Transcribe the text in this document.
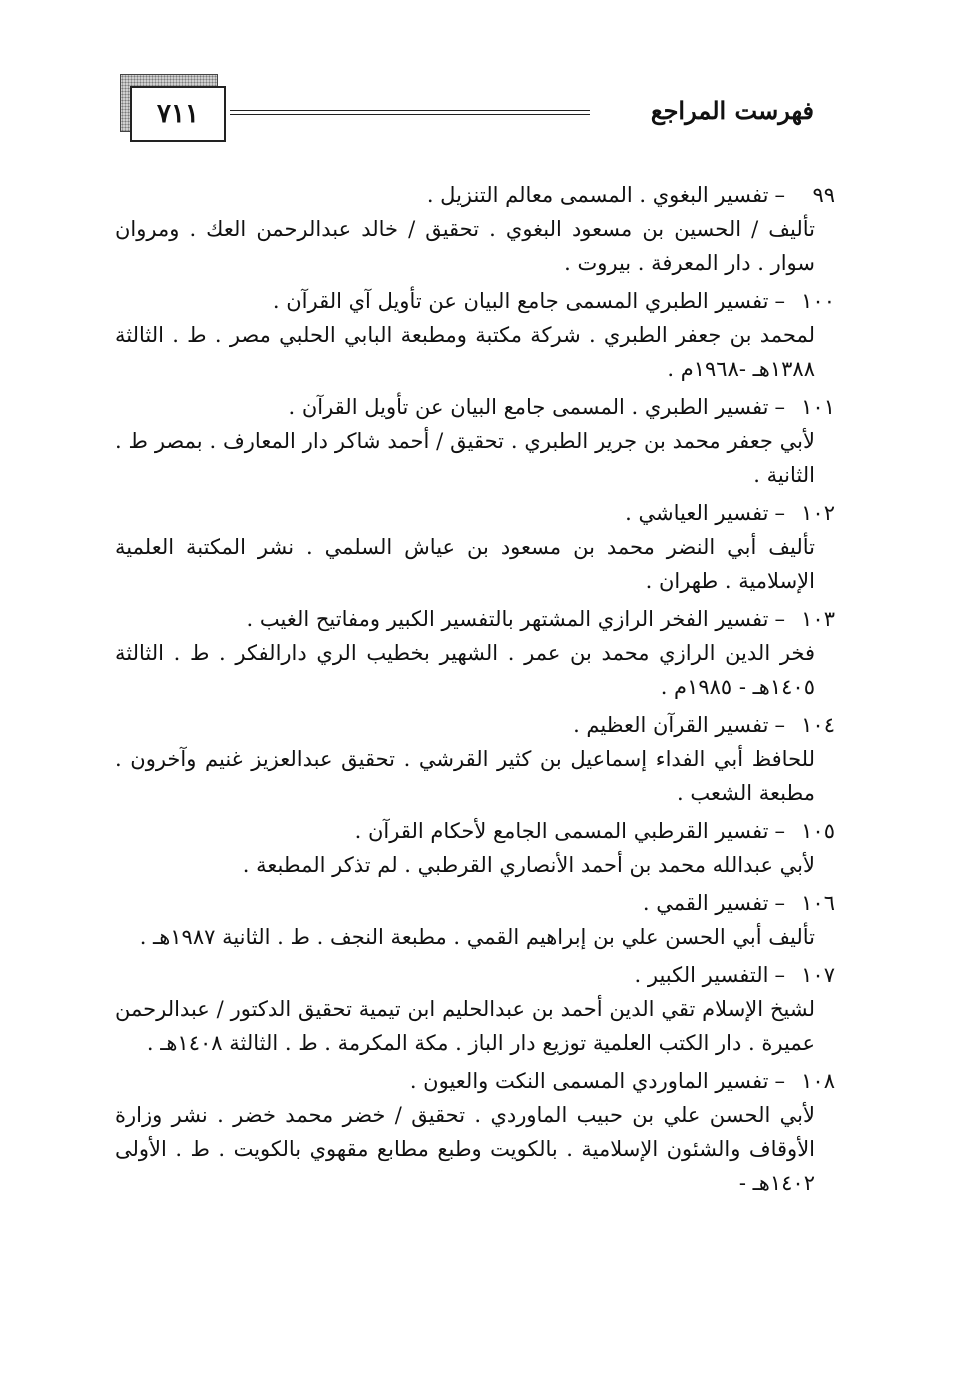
٧١١	فهرست المراجع
٩٩–تفسير البغوي . المسمى معالم التنزيل .
تأليف / الحسين بن مسعود البغوي . تحقيق / خالد عبدالرحمن العك . ومروان سوار . دار المعرفة . بيروت .
١٠٠–تفسير الطبري المسمى جامع البيان عن تأويل آي القرآن .
لمحمد بن جعفر الطبري . شركة مكتبة ومطبعة البابي الحلبي مصر . ط . الثالثة ١٣٨٨هـ -١٩٦٨م .
١٠١–تفسير الطبري . المسمى جامع البيان عن تأويل القرآن .
لأبي جعفر محمد بن جرير الطبري . تحقيق / أحمد شاكر دار المعارف . بمصر ط . الثانية .
١٠٢–تفسير العياشي .
تأليف أبي النضر محمد بن مسعود بن عياش السلمي . نشر المكتبة العلمية الإسلامية . طهران .
١٠٣–تفسير الفخر الرازي المشتهر بالتفسير الكبير ومفاتيح الغيب .
فخر الدين الرازي محمد بن عمر . الشهير بخطيب الري دارالفكر . ط . الثالثة ١٤٠٥هـ - ١٩٨٥م .
١٠٤–تفسير القرآن العظيم .
للحافظ أبي الفداء إسماعيل بن كثير القرشي . تحقيق عبدالعزيز غنيم وآخرون . مطبعة الشعب .
١٠٥–تفسير القرطبي المسمى الجامع لأحكام القرآن .
لأبي عبدالله محمد بن أحمد الأنصاري القرطبي . لم تذكر المطبعة .
١٠٦–تفسير القمي .
تأليف أبي الحسن علي بن إبراهيم القمي . مطبعة النجف . ط . الثانية ١٩٨٧هـ .
١٠٧–التفسير الكبير .
لشيخ الإسلام تقي الدين أحمد بن عبدالحليم ابن تيمية تحقيق الدكتور / عبدالرحمن عميرة . دار الكتب العلمية توزيع دار الباز . مكة المكرمة . ط . الثالثة ١٤٠٨هـ .
١٠٨–تفسير الماوردي المسمى النكت والعيون .
لأبي الحسن علي بن حبيب الماوردي . تحقيق / خضر محمد خضر . نشر وزارة الأوقاف والشئون الإسلامية . بالكويت وطبع مطابع مقهوي بالكويت . ط . الأولى ١٤٠٢هـ -
